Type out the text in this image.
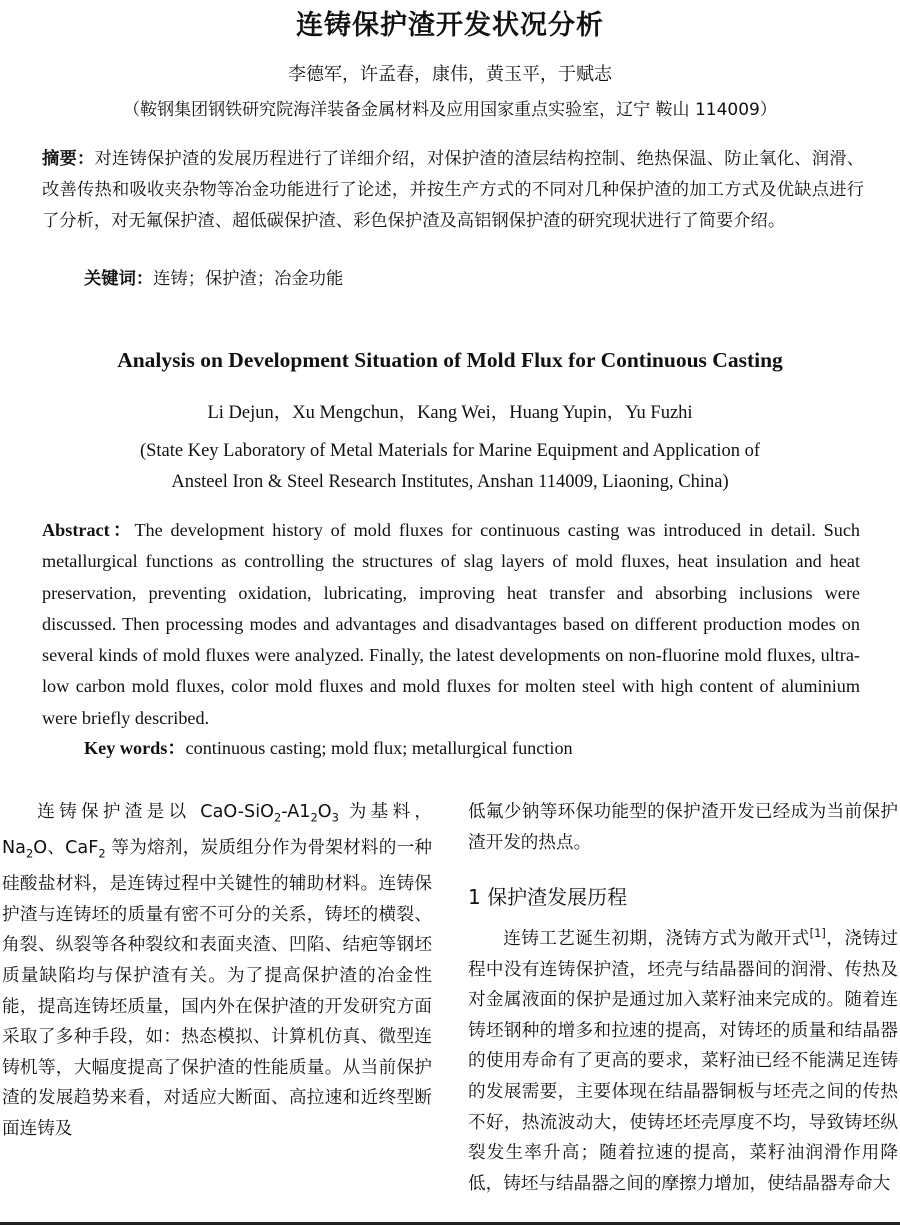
连铸保护渣开发状况分析
李德军，许孟春，康伟，黄玉平，于赋志
（鞍钢集团钢铁研究院海洋装备金属材料及应用国家重点实验室，辽宁 鞍山 114009）
摘要：对连铸保护渣的发展历程进行了详细介绍，对保护渣的渣层结构控制、绝热保温、防止氧化、润滑、改善传热和吸收夹杂物等冶金功能进行了论述，并按生产方式的不同对几种保护渣的加工方式及优缺点进行了分析，对无氟保护渣、超低碳保护渣、彩色保护渣及高铝钢保护渣的研究现状进行了简要介绍。
关键词：连铸；保护渣；冶金功能
Analysis on Development Situation of Mold Flux for Continuous Casting
Li Dejun，Xu Mengchun，Kang Wei，Huang Yupin，Yu Fuzhi
(State Key Laboratory of Metal Materials for Marine Equipment and Application of
Ansteel Iron & Steel Research Institutes, Anshan 114009, Liaoning, China)
Abstract：The development history of mold fluxes for continuous casting was introduced in detail. Such metallurgical functions as controlling the structures of slag layers of mold fluxes, heat insulation and heat preservation, preventing oxidation, lubricating, improving heat transfer and absorbing inclusions were discussed. Then processing modes and advantages and disadvantages based on different production modes on several kinds of mold fluxes were analyzed. Finally, the latest developments on non-fluorine mold fluxes, ultra-low carbon mold fluxes, color mold fluxes and mold fluxes for molten steel with high content of aluminium were briefly described.
Key words：continuous casting; mold flux; metallurgical function

连铸保护渣是以 CaO-$SiO_2-A1_2O_3$ 为基料，$Na_2O$、CaF$_2$ 等为熔剂，炭质组分作为骨架材料的一种硅酸盐材料，是连铸过程中关键性的辅助材料。连铸保护渣与连铸坯的质量有密不可分的关系，铸坯的横裂、角裂、纵裂等各种裂纹和表面夹渣、凹陷、结疤等钢坯质量缺陷均与保护渣有关。为了提高保护渣的冶金性能，提高连铸坯质量，国内外在保护渣的开发研究方面采取了多种手段，如：热态模拟、计算机仿真、微型连铸机等，大幅度提高了保护渣的性能质量。从当前保护渣的发展趋势来看，对适应大断面、高拉速和近终型断面连铸及

低氟少钠等环保功能型的保护渣开发已经成为当前保护渣开发的热点。

1 保护渣发展历程

连铸工艺诞生初期，浇铸方式为敞开式[1]，浇铸过程中没有连铸保护渣，坯壳与结晶器间的润滑、传热及对金属液面的保护是通过加入菜籽油来完成的。随着连铸坯钢种的增多和拉速的提高，对铸坯的质量和结晶器的使用寿命有了更高的要求，菜籽油已经不能满足连铸的发展需要，主要体现在结晶器铜板与坯壳之间的传热不好，热流波动大，使铸坯坯壳厚度不均，导致铸坯纵裂发生率升高；随着拉速的提高，菜籽油润滑作用降低，铸坯与结晶器之间的摩擦力增加，使结晶器寿命大
